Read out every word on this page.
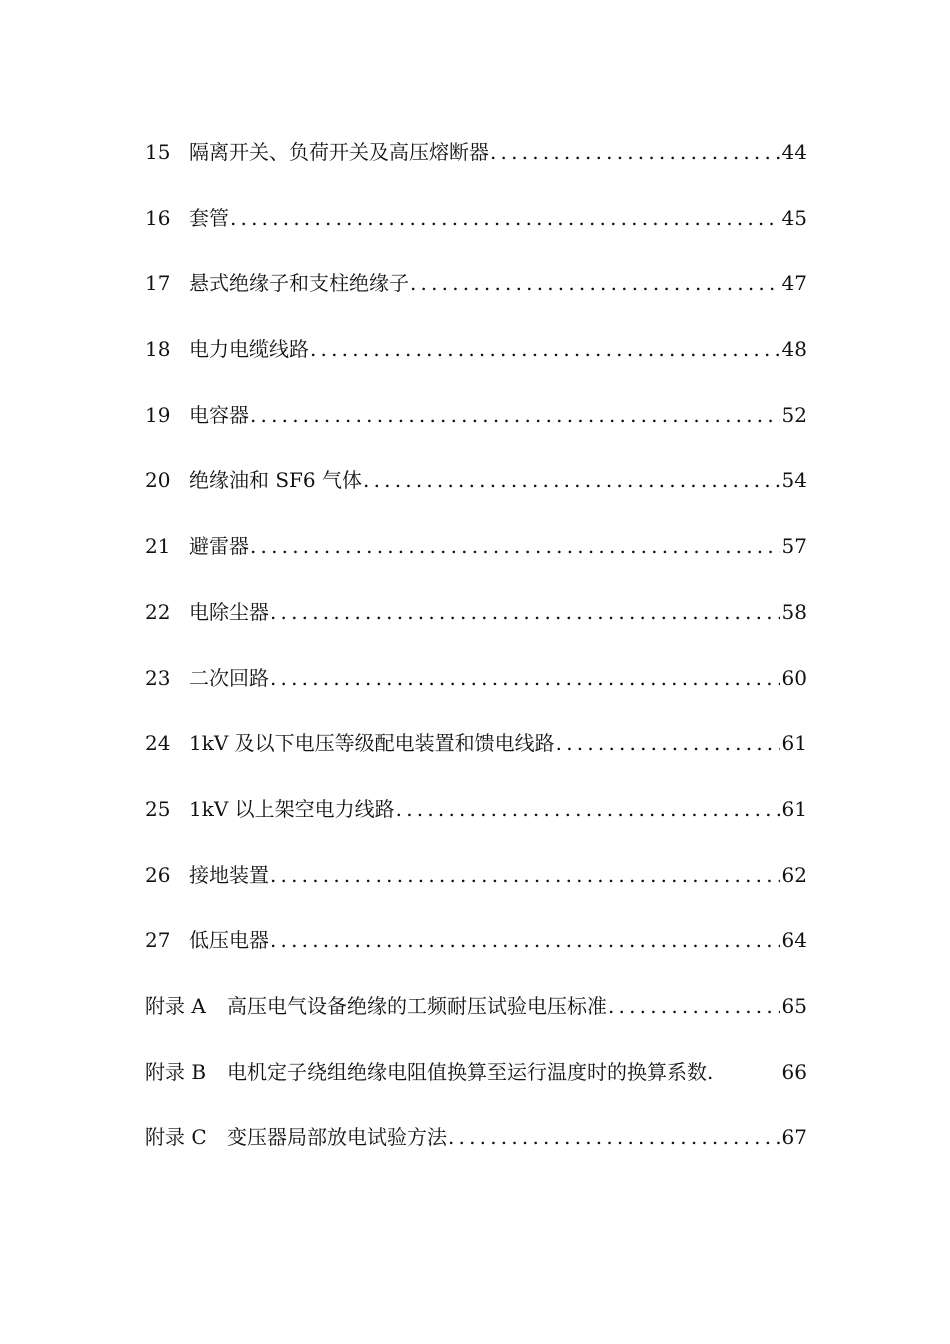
15 隔离开关、负荷开关及高压熔断器 .....	44
16 套管 .....	45
17 悬式绝缘子和支柱绝缘子 .....	47
18 电力电缆线路 .....	48
19 电容器 .....	52
20 绝缘油和 SF6 气体 .....	54
21 避雷器 .....	57
22 电除尘器 .....	58
23 二次回路 .....	60
24 1kV 及以下电压等级配电装置和馈电线路 .....	61
25 1kV 以上架空电力线路 .....	61
26 接地装置 .....	62
27 低压电器 .....	64
附录 A	高压电气设备绝缘的工频耐压试验电压标准 .....	65
附录 B	电机定子绕组绝缘电阻值换算至运行温度时的换算系数.	66
附录 C	变压器局部放电试验方法 .....	67
